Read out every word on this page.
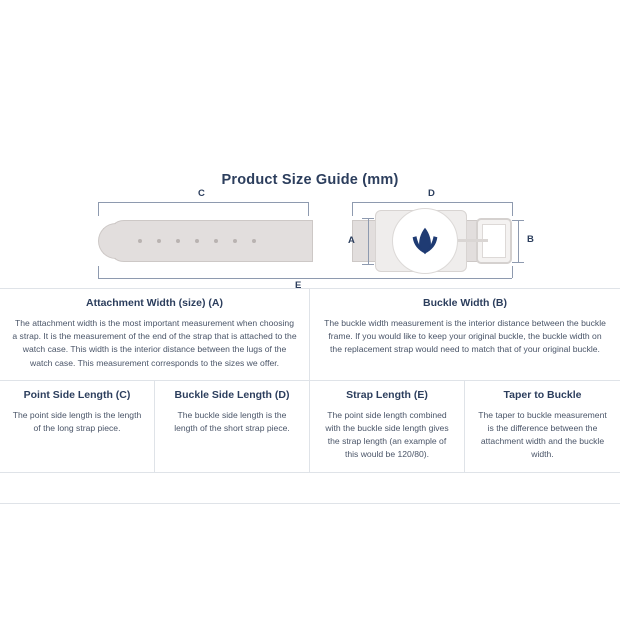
Product Size Guide (mm)
C	D
A	B
E
Attachment Width (size) (A)
The attachment width is the most important measurement when choosing a strap. It is the measurement of the end of the strap that is attached to the watch case. This width is the interior distance between the lugs of the watch case. This measurement corresponds to the sizes we offer.
Buckle Width (B)
The buckle width measurement is the interior distance between the buckle frame. If you would like to keep your original buckle, the buckle width on the replacement strap would need to match that of your original buckle.
Point Side Length (C)
The point side length is the length of the long strap piece.
Buckle Side Length (D)
The buckle side length is the length of the short strap piece.
Strap Length (E)
The point side length combined with the buckle side length gives the strap length (an example of this would be 120/80).
Taper to Buckle
The taper to buckle measurement is the difference between the attachment width and the buckle width.
